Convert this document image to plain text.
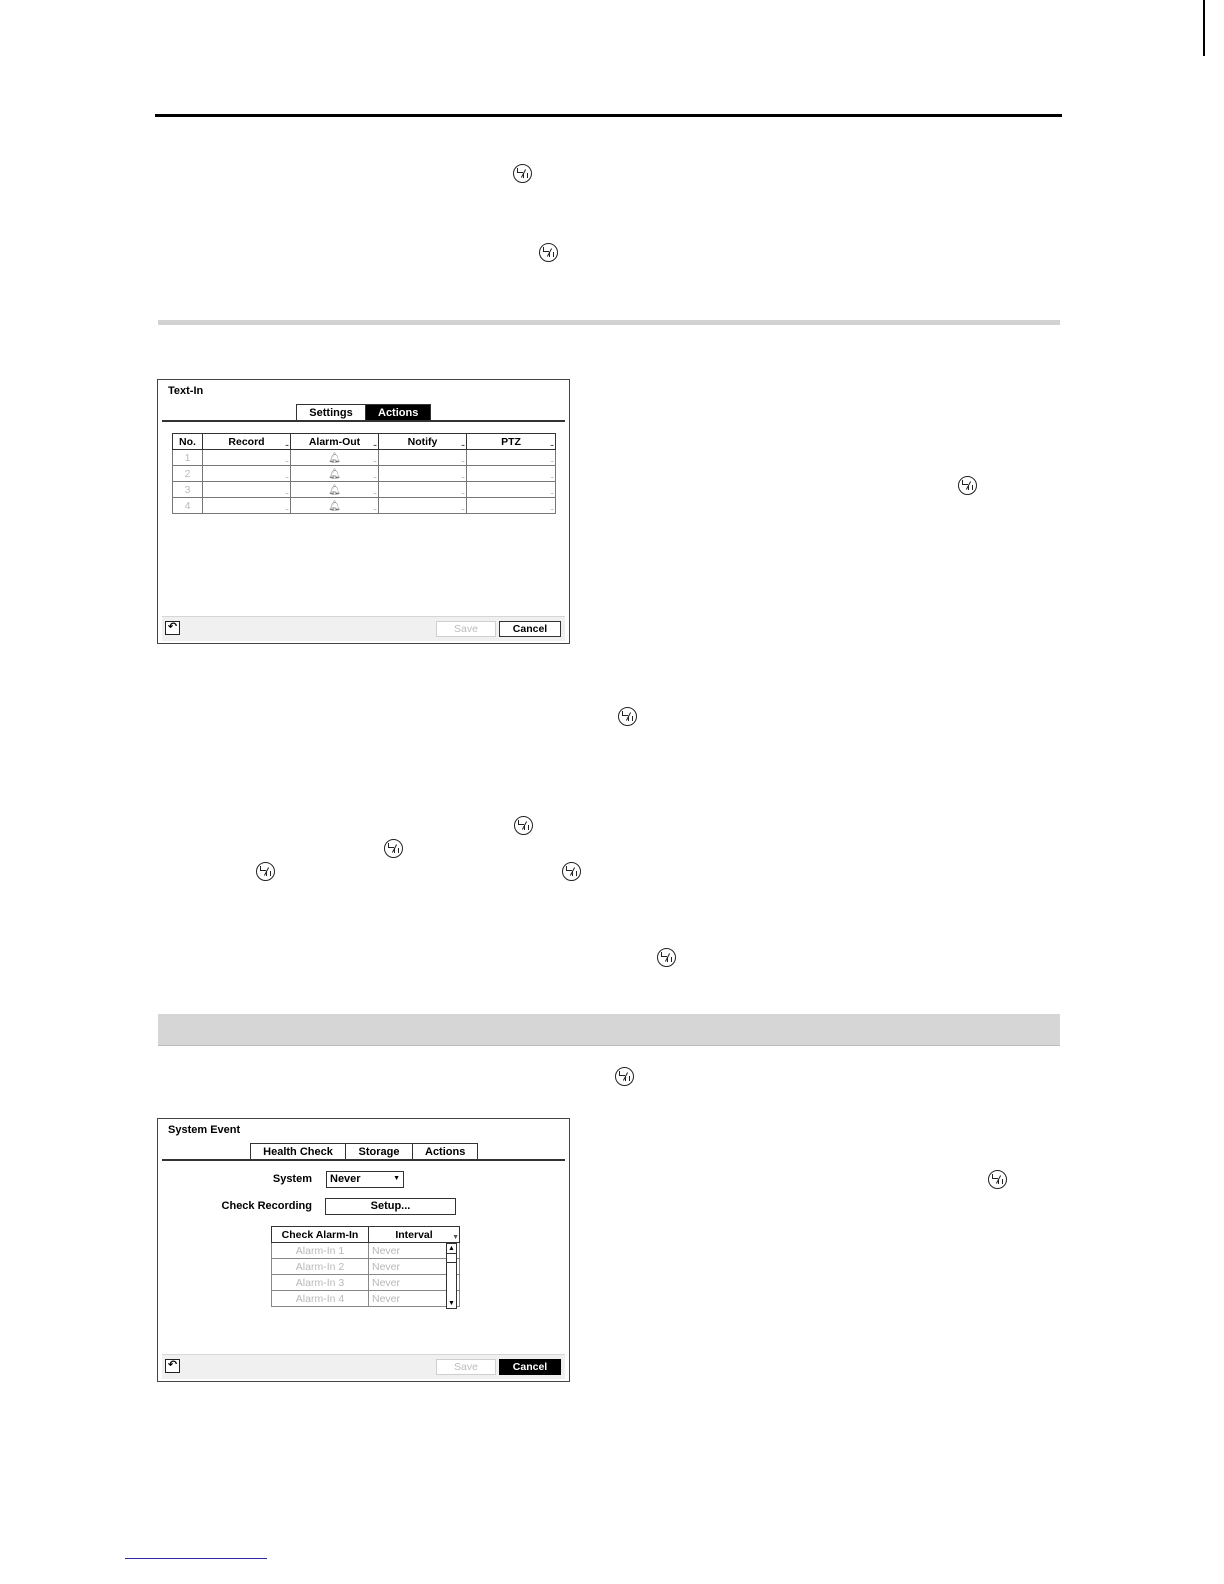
Text-In
Settings	Actions
No.	Record ...	Alarm-Out ...	Notify ...	PTZ ...

1	...	🔔︎ ...	...	...

2	...	🔔︎ ...	...	...

3	...	🔔︎ ...	...	...

4	...	🔔︎ ...	...	...
↶	Save	Cancel
System Event
Health Check	Storage	Actions
System	Never	▼
Check Recording	Setup...
Check Alarm-In	Interval ▼

Alarm-In 1	Never
Alarm-In 2	Never
Alarm-In 3	Never
Alarm-In 4	Never
▲
▼
↶	Save	Cancel
